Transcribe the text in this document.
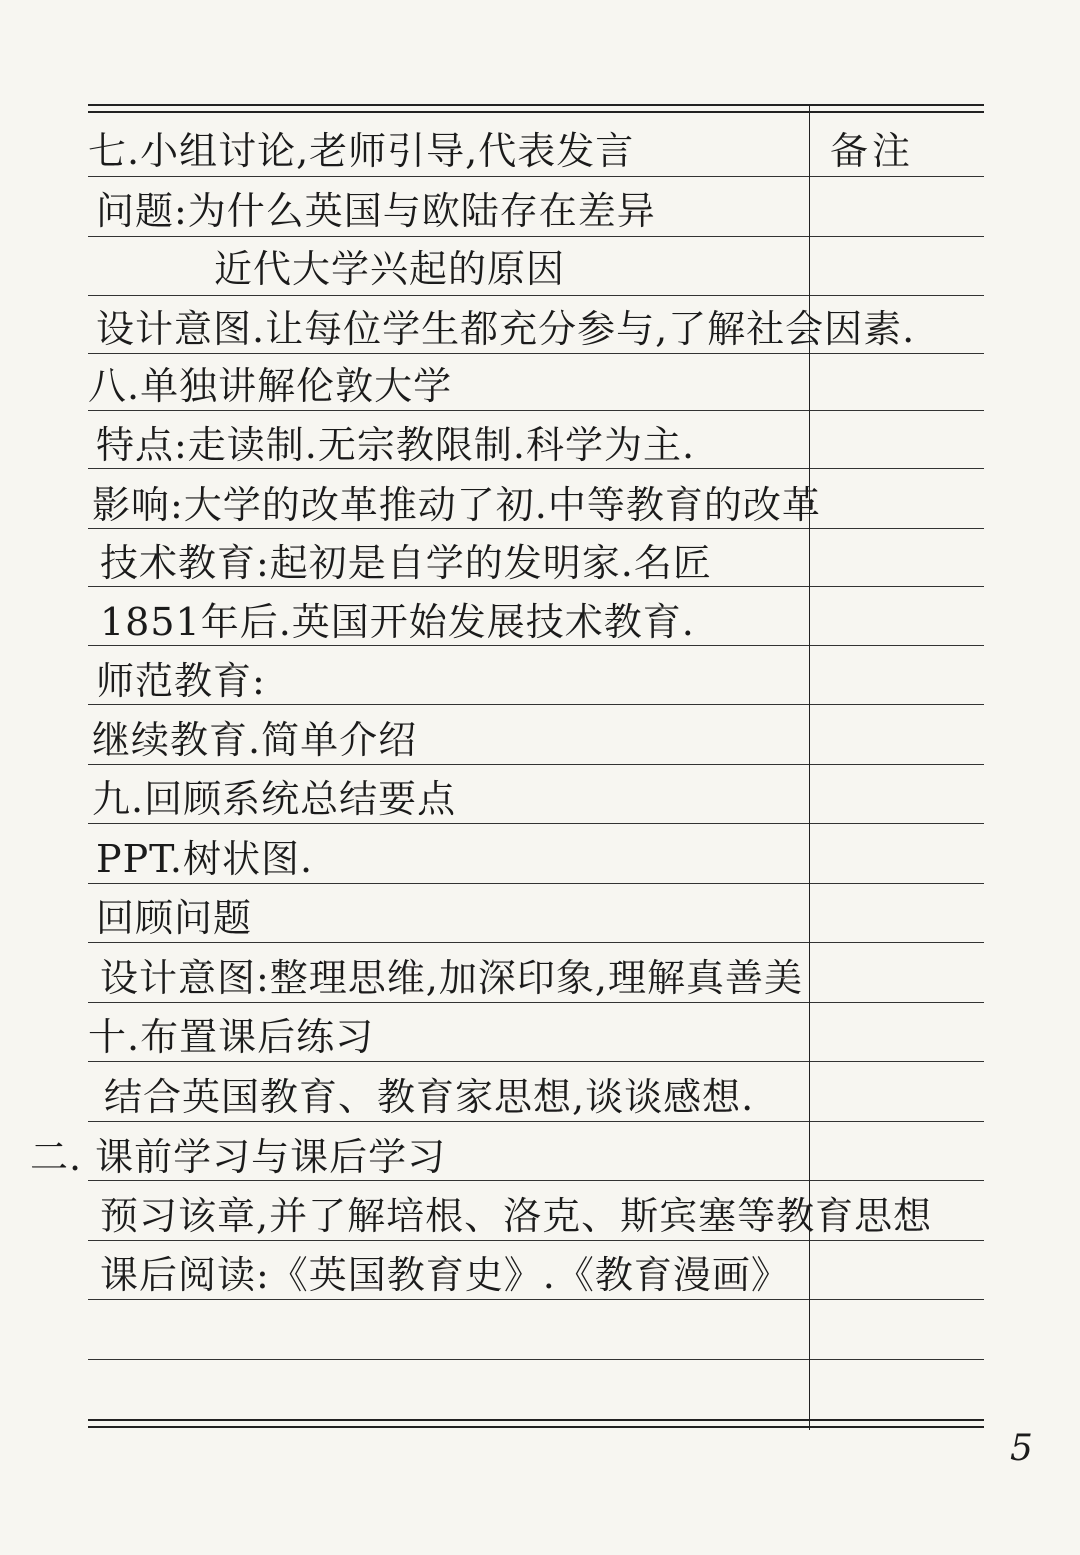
备注
七.小组讨论,老师引导,代表发言
问题:为什么英国与欧陆存在差异
近代大学兴起的原因
设计意图.让每位学生都充分参与,了解社会因素.
八.单独讲解伦敦大学
特点:走读制.无宗教限制.科学为主.
影响:大学的改革推动了初.中等教育的改革
技术教育:起初是自学的发明家.名匠
1851年后.英国开始发展技术教育.
师范教育:
继续教育.简单介绍
九.回顾系统总结要点
PPT.树状图.
回顾问题
设计意图:整理思维,加深印象,理解真善美
十.布置课后练习
结合英国教育、教育家思想,谈谈感想.
二. 课前学习与课后学习
预习该章,并了解培根、洛克、斯宾塞等教育思想
课后阅读:《英国教育史》.《教育漫画》
5
